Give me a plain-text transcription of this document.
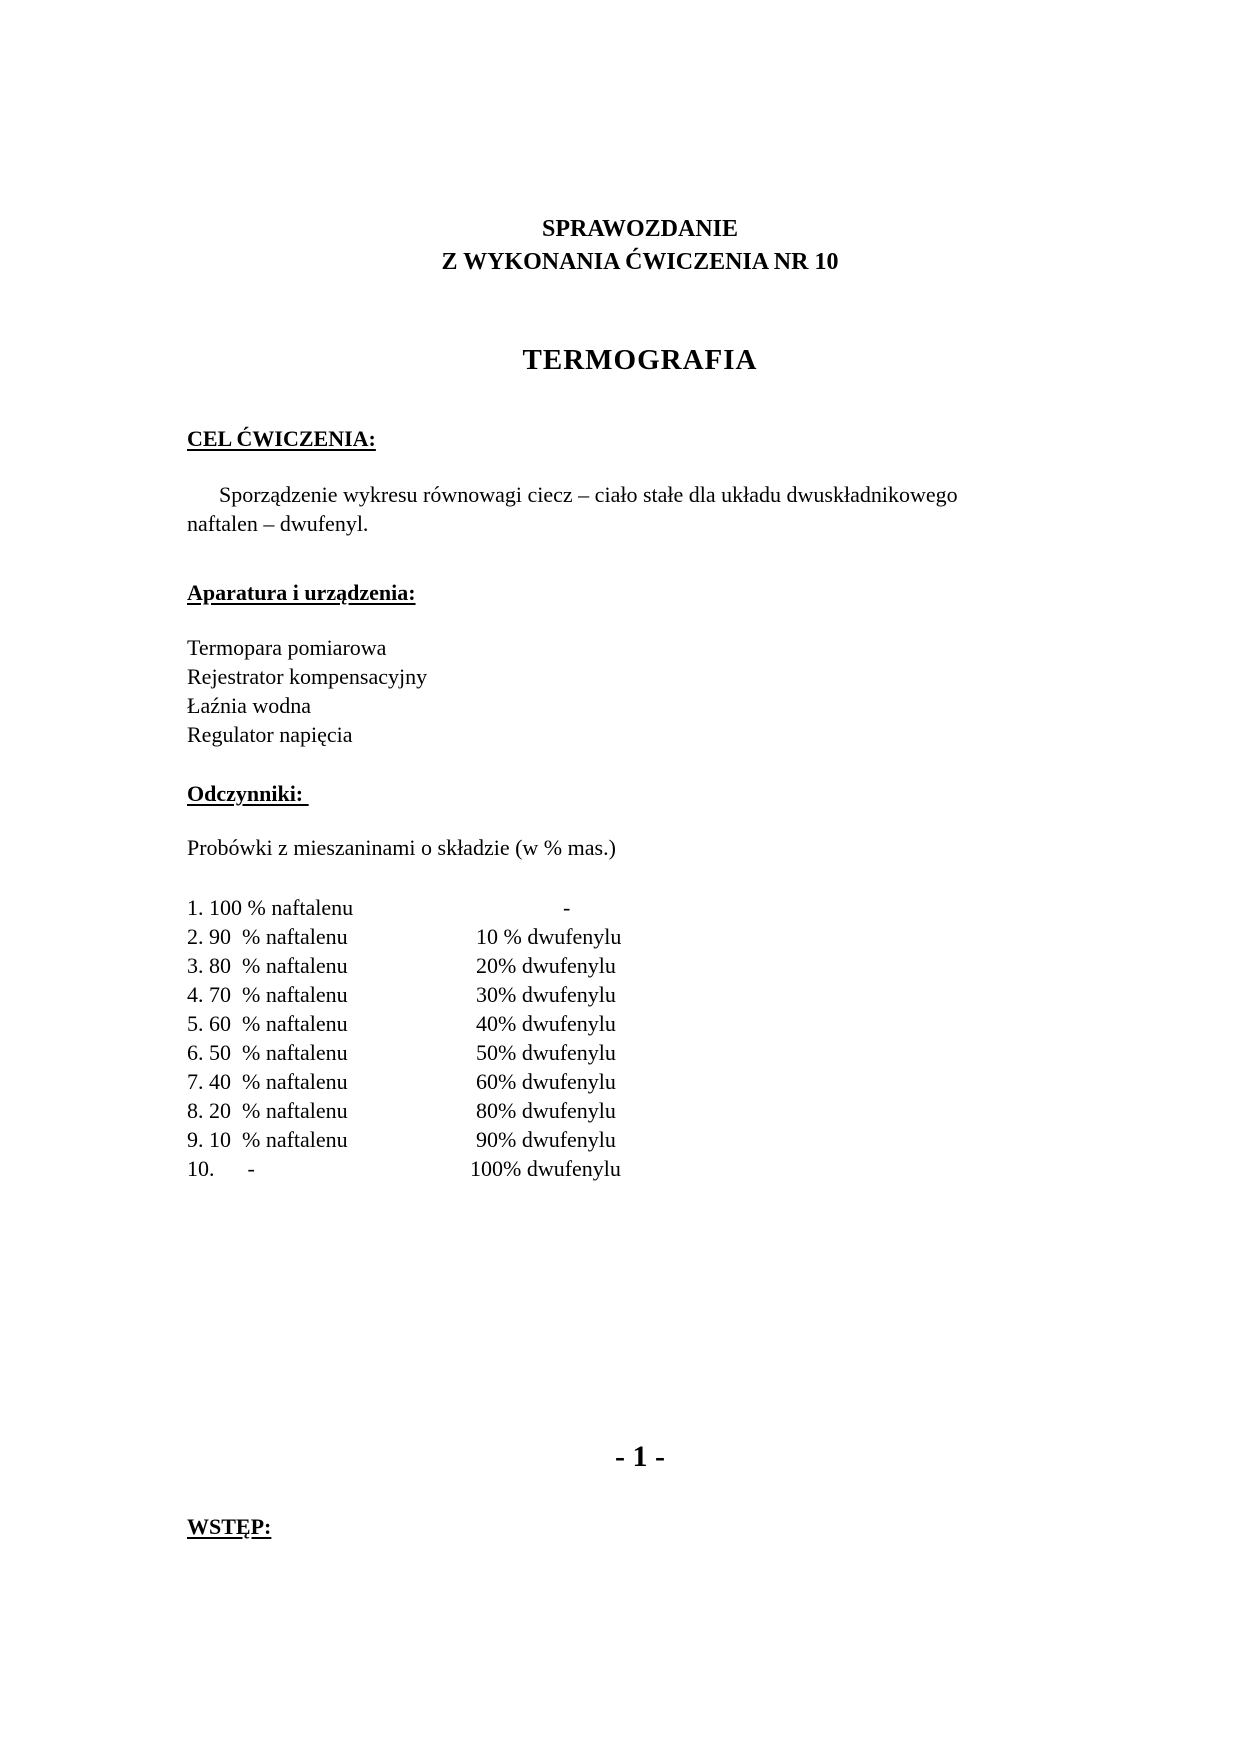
SPRAWOZDANIE
Z WYKONANIA ĆWICZENIA NR 10
TERMOGRAFIA
CEL ĆWICZENIA:
Sporządzenie wykresu równowagi ciecz – ciało stałe dla układu dwuskładnikowego
naftalen – dwufenyl.
Aparatura i urządzenia:
Termopara pomiarowa
Rejestrator kompensacyjny
Łaźnia wodna
Regulator napięcia
Odczynniki:
Probówki z mieszaninami o składzie (w % mas.)
1. 100 % naftalenu	-
2. 90  % naftalenu	10 % dwufenylu
3. 80  % naftalenu	20% dwufenylu
4. 70  % naftalenu	30% dwufenylu
5. 60  % naftalenu	40% dwufenylu
6. 50  % naftalenu	50% dwufenylu
7. 40  % naftalenu	60% dwufenylu
8. 20  % naftalenu	80% dwufenylu
9. 10  % naftalenu	90% dwufenylu
10.      -	100% dwufenylu
- 1 -
WSTĘP:
